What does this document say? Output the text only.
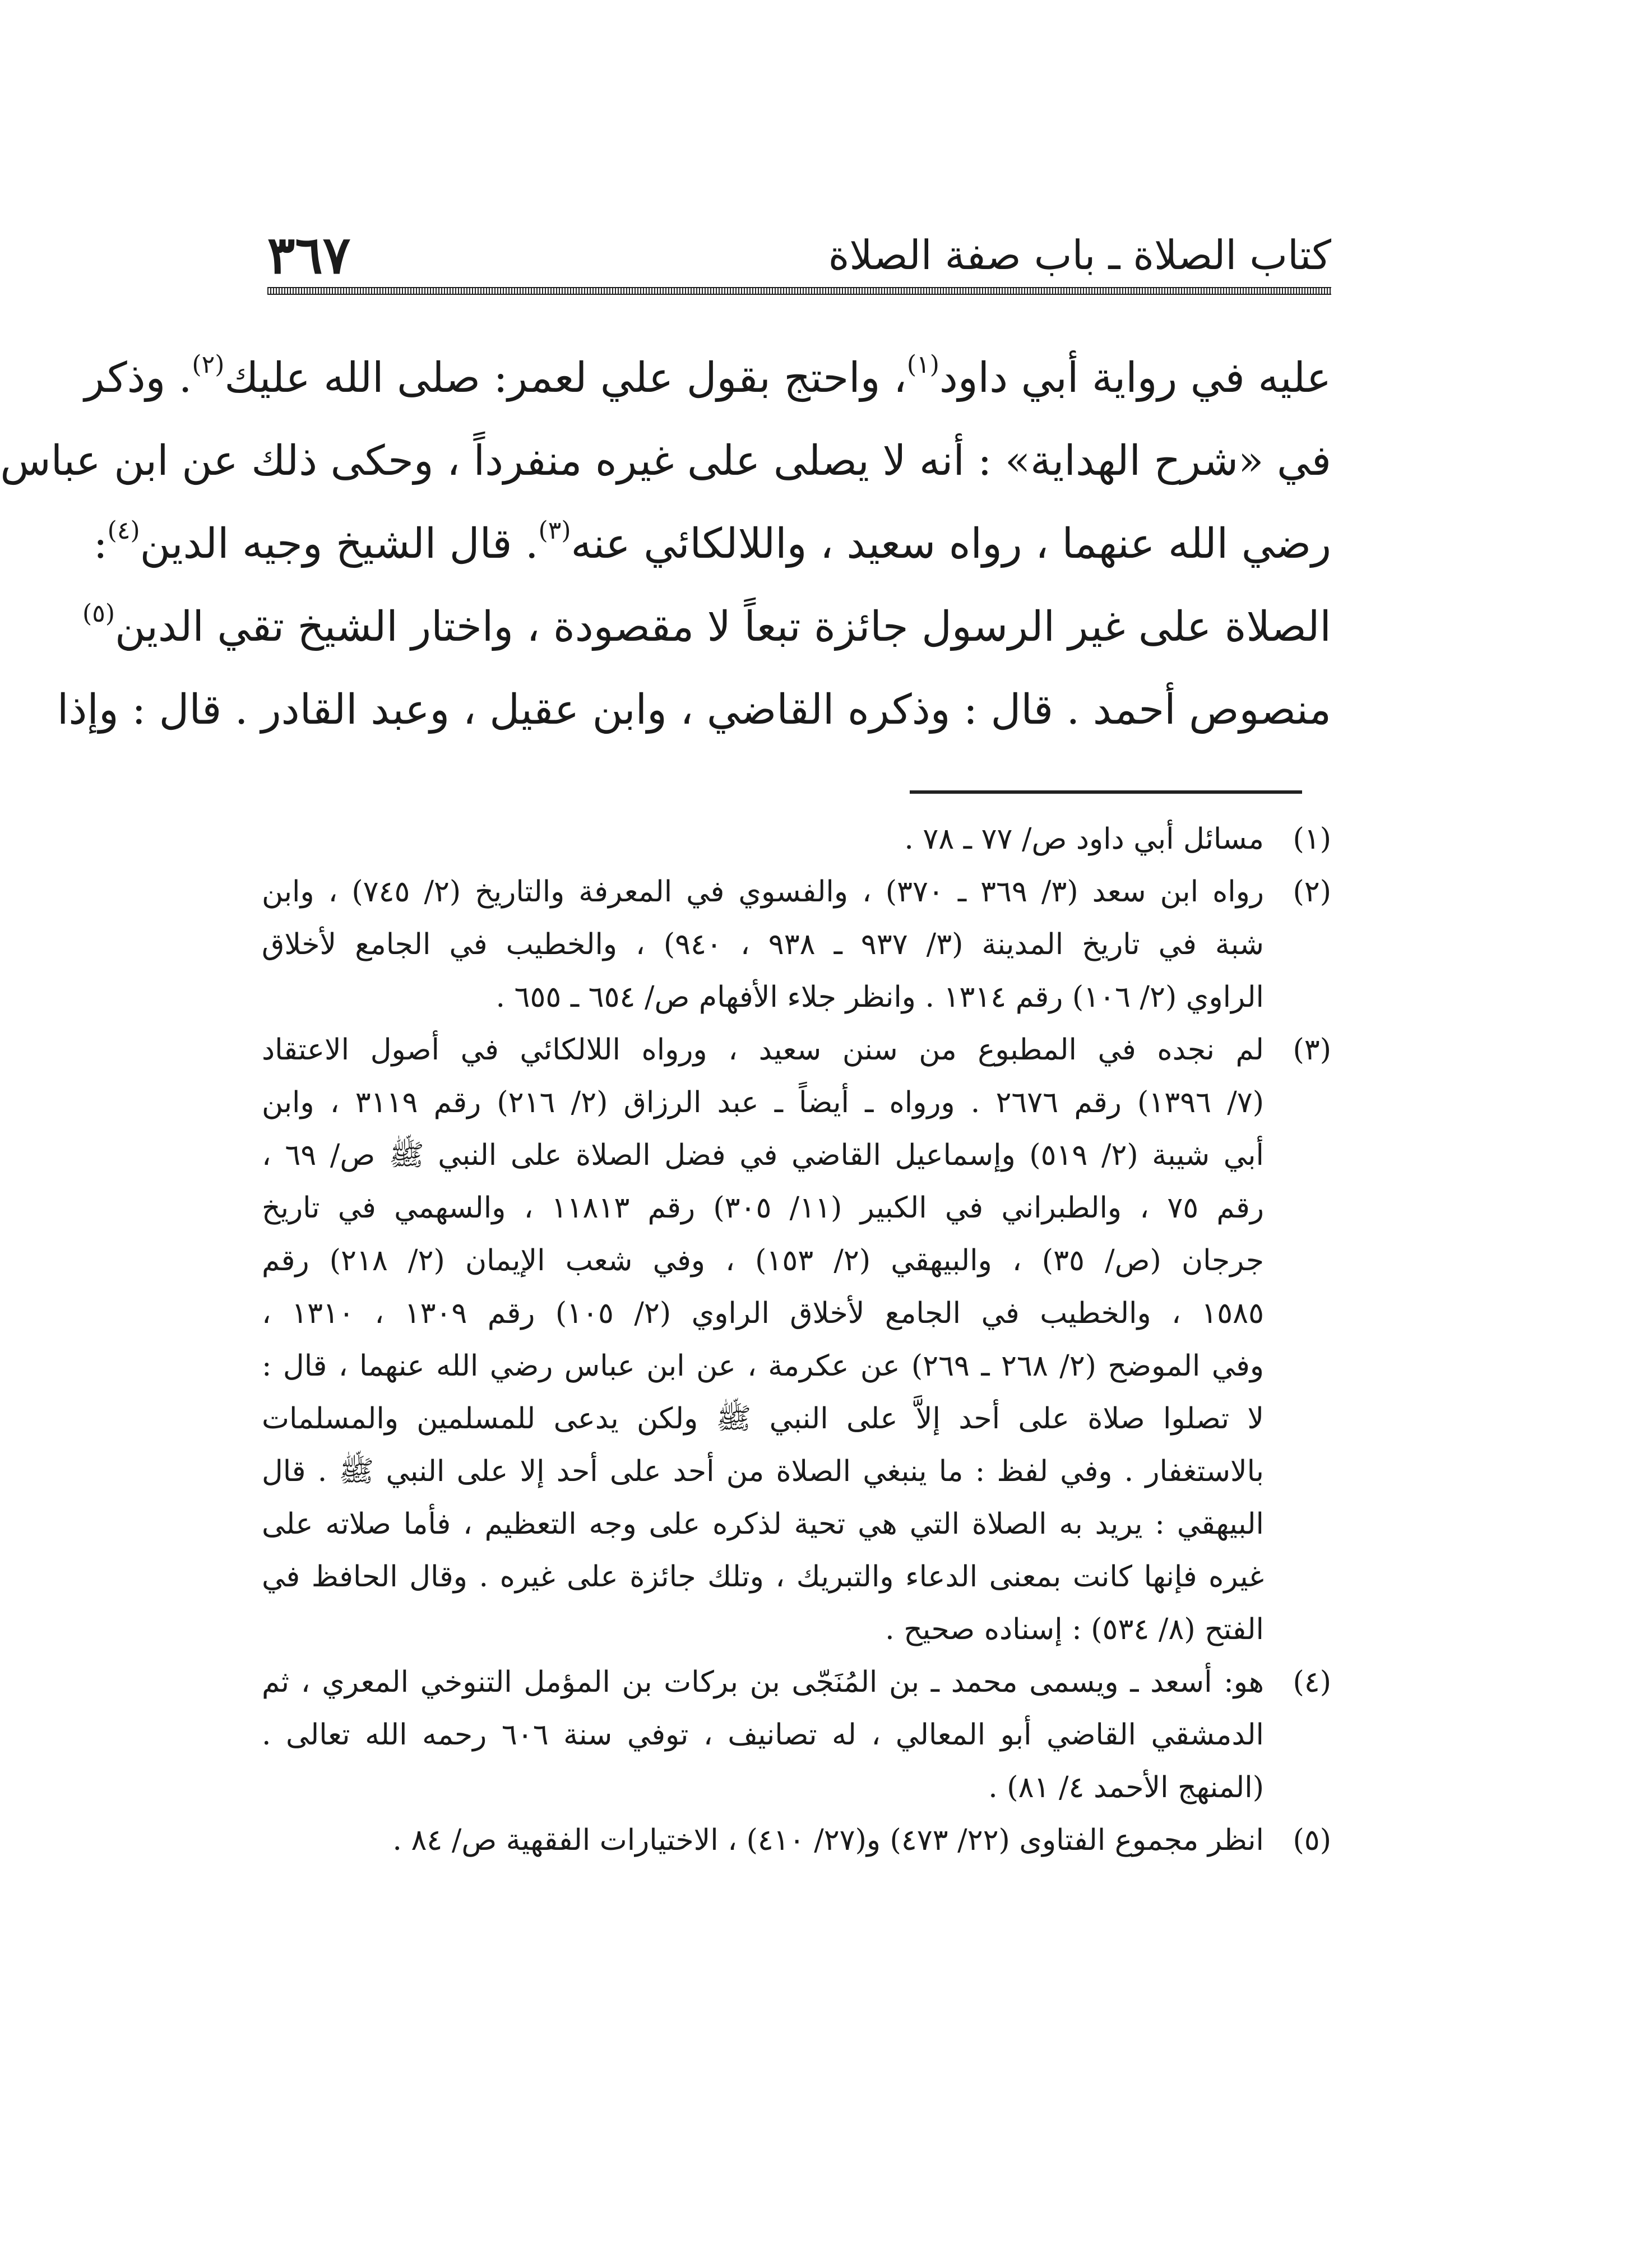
كتاب الصلاة ـ باب صفة الصلاة
٣٦٧
عليه في رواية أبي داود$^{(١)}$، واحتج بقول علي لعمر: صلى الله عليك$^{(٢)}$. وذكر
في «شرح الهداية» : أنه لا يصلى على غيره منفرداً ، وحكى ذلك عن ابن عباس
رضي الله عنهما ، رواه سعيد ، واللالكائي عنه$^{(٣)}$. قال الشيخ وجيه الدين$^{(٤)}$:
الصلاة على غير الرسول جائزة تبعاً لا مقصودة ، واختار الشيخ تقي الدين$^{(٥)}$
منصوص أحمد . قال : وذكره القاضي ، وابن عقيل ، وعبد القادر . قال : وإذا
(١)
مسائل أبي داود ص/ ٧٧ ـ ٧٨ .
(٢)
رواه ابن سعد (٣/ ٣٦٩ ـ ٣٧٠) ، والفسوي في المعرفة والتاريخ (٢/ ٧٤٥) ، وابن
شبة في تاريخ المدينة (٣/ ٩٣٧ ـ ٩٣٨ ، ٩٤٠) ، والخطيب في الجامع لأخلاق
الراوي (٢/ ١٠٦) رقم ١٣١٤ . وانظر جلاء الأفهام ص/ ٦٥٤ ـ ٦٥٥ .
(٣)
لم نجده في المطبوع من سنن سعيد ، ورواه اللالكائي في أصول الاعتقاد
(٧/ ١٣٩٦) رقم ٢٦٧٦ . ورواه ـ أيضاً ـ عبد الرزاق (٢/ ٢١٦) رقم ٣١١٩ ، وابن
أبي شيبة (٢/ ٥١٩) وإسماعيل القاضي في فضل الصلاة على النبي ﷺ ص/ ٦٩ ،
رقم ٧٥ ، والطبراني في الكبير (١١/ ٣٠٥) رقم ١١٨١٣ ، والسهمي في تاريخ
جرجان (ص/ ٣٥) ، والبيهقي (٢/ ١٥٣) ، وفي شعب الإيمان (٢/ ٢١٨) رقم
١٥٨٥ ، والخطيب في الجامع لأخلاق الراوي (٢/ ١٠٥) رقم ١٣٠٩ ، ١٣١٠ ،
وفي الموضح (٢/ ٢٦٨ ـ ٢٦٩) عن عكرمة ، عن ابن عباس رضي الله عنهما ، قال :
لا تصلوا صلاة على أحد إلاَّ على النبي ﷺ ولكن يدعى للمسلمين والمسلمات
بالاستغفار . وفي لفظ : ما ينبغي الصلاة من أحد على أحد إلا على النبي ﷺ . قال
البيهقي : يريد به الصلاة التي هي تحية لذكره على وجه التعظيم ، فأما صلاته على
غيره فإنها كانت بمعنى الدعاء والتبريك ، وتلك جائزة على غيره . وقال الحافظ في
الفتح (٨/ ٥٣٤) : إسناده صحيح .
(٤)
هو: أسعد ـ ويسمى محمد ـ بن المُنَجّى بن بركات بن المؤمل التنوخي المعري ، ثم
الدمشقي القاضي أبو المعالي ، له تصانيف ، توفي سنة ٦٠٦ رحمه الله تعالى .
(المنهج الأحمد ٤/ ٨١) .
(٥)
انظر مجموع الفتاوى (٢٢/ ٤٧٣) و(٢٧/ ٤١٠) ، الاختيارات الفقهية ص/ ٨٤ .
